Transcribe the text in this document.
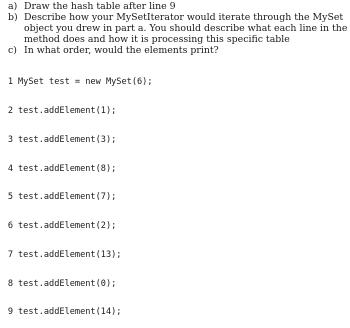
a) Draw the hash table after line 9
b) Describe how your MySetIterator would iterate through the MySet object you drew in part a. You should describe what each line in the method does and how it is processing this specific table
c) In what order, would the elements print?

1 MySet test = new MySet(6);

2 test.addElement(1);

3 test.addElement(3);

4 test.addElement(8);

5 test.addElement(7);

6 test.addElement(2);

7 test.addElement(13);

8 test.addElement(0);

9 test.addElement(14);
